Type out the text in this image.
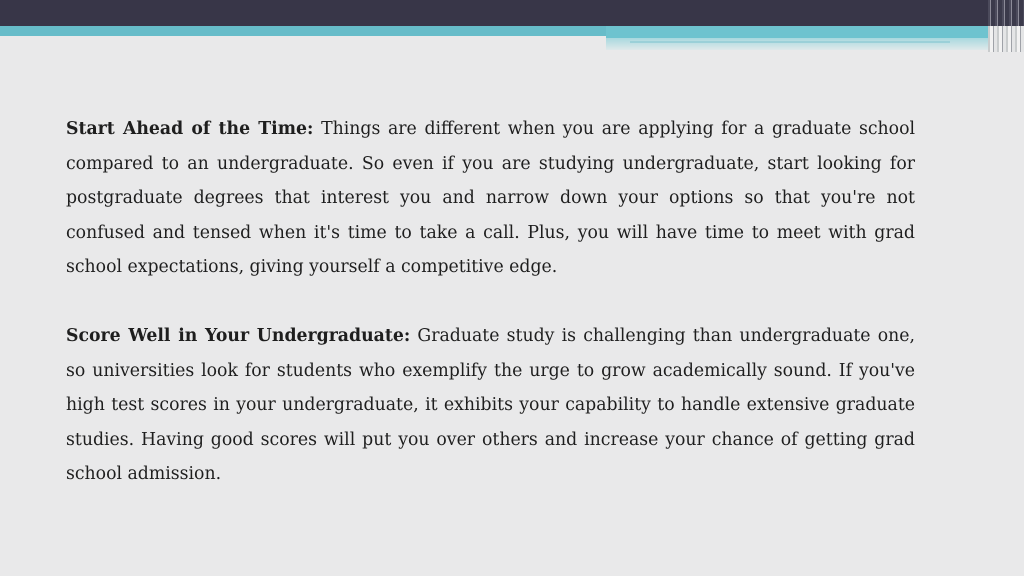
Start Ahead of the Time: Things are different when you are applying for a graduate school compared to an undergraduate. So even if you are studying undergraduate, start looking for postgraduate degrees that interest you and narrow down your options so that you're not confused and tensed when it's time to take a call. Plus, you will have time to meet with grad school expectations, giving yourself a competitive edge.

Score Well in Your Undergraduate: Graduate study is challenging than undergraduate one, so universities look for students who exemplify the urge to grow academically sound. If you've high test scores in your undergraduate, it exhibits your capability to handle extensive graduate studies. Having good scores will put you over others and increase your chance of getting grad school admission.
